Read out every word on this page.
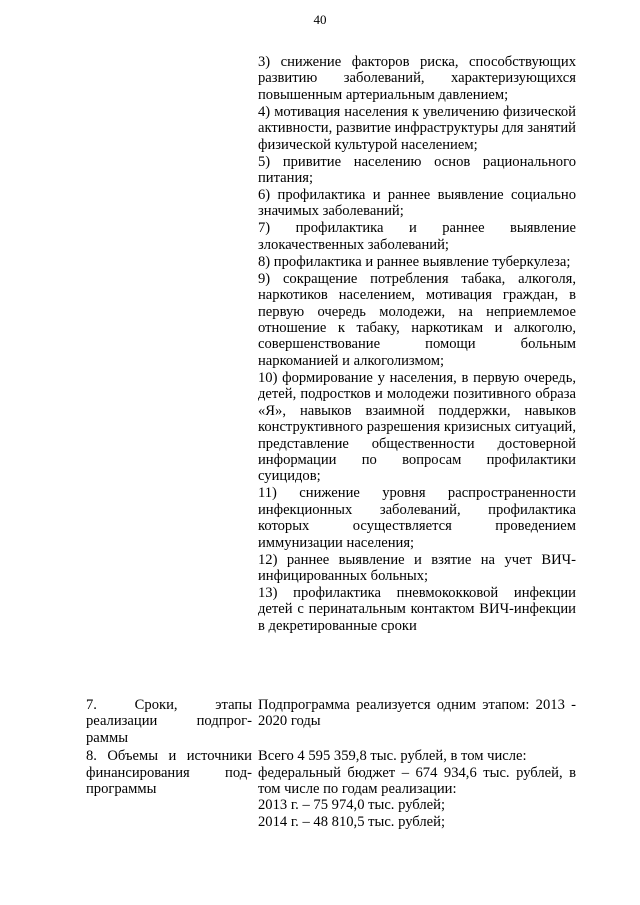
40

3) снижение факторов риска, способствующих развитию заболеваний, характеризующихся повышенным артериальным давлением;

4) мотивация населения к увеличению физической активности, развитие инфраструктуры для занятий физической культурой населением;

5) привитие населению основ рационального питания;

6) профилактика и раннее выявление социально значимых заболеваний;

7) профилактика и раннее выявление злокачественных заболеваний;

8) профилактика и раннее выявление туберкулеза;

9) сокращение потребления табака, алкоголя, наркотиков населением, мотивация граждан, в первую очередь молодежи, на неприемлемое отношение к табаку, наркотикам и алкоголю, совершенствование помощи больным наркоманией и алкоголизмом;

10) формирование у населения, в первую очередь, детей, подростков и молодежи позитивного образа «Я», навыков взаимной поддержки, навыков конструктивного разрешения кризисных ситуаций, представление общественности достоверной информации по вопросам профилактики суицидов;

11) снижение уровня распространенности инфекционных заболеваний, профилактика которых осуществляется проведением иммунизации населения;

12) раннее выявление и взятие на учет ВИЧ-инфицированных больных;

13) профилактика пневмококковой инфекции детей с перинатальным контактом ВИЧ-инфекции в декретированные сроки

7. Сроки, этапы реализации подпрог-раммы
Подпрограмма реализуется одним этапом: 2013 - 2020 годы
8. Объемы и источники финансирования под-программы
Всего 4 595 359,8 тыс. рублей, в том числе:
федеральный бюджет – 674 934,6 тыс. рублей, в том числе по годам реализации:
2013 г. – 75 974,0 тыс. рублей;
2014 г. – 48 810,5 тыс. рублей;
